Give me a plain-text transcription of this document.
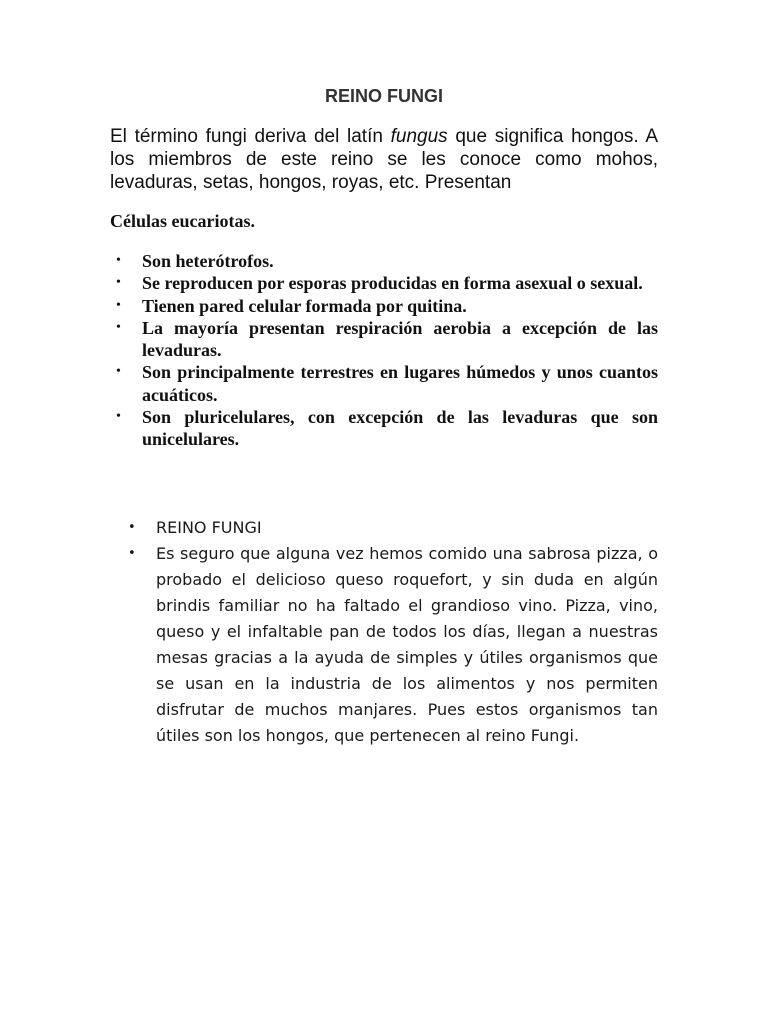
REINO FUNGI

El término fungi deriva del latín fungus que significa hongos. A los miembros de este reino se les conoce como mohos, levaduras, setas, hongos, royas, etc. Presentan

Células eucariotas.

• Son heterótrofos.
• Se reproducen por esporas producidas en forma asexual o sexual.
• Tienen pared celular formada por quitina.
• La mayoría presentan respiración aerobia a excepción de las levaduras.
• Son principalmente terrestres en lugares húmedos y unos cuantos acuáticos.
• Son pluricelulares, con excepción de las levaduras que son unicelulares.
• REINO FUNGI
• Es seguro que alguna vez hemos comido una sabrosa pizza, o probado el delicioso queso roquefort, y sin duda en algún brindis familiar no ha faltado el grandioso vino. Pizza, vino, queso y el infaltable pan de todos los días, llegan a nuestras mesas gracias a la ayuda de simples y útiles organismos que se usan en la industria de los alimentos y nos permiten disfrutar de muchos manjares. Pues estos organismos tan útiles son los hongos, que pertenecen al reino Fungi.
